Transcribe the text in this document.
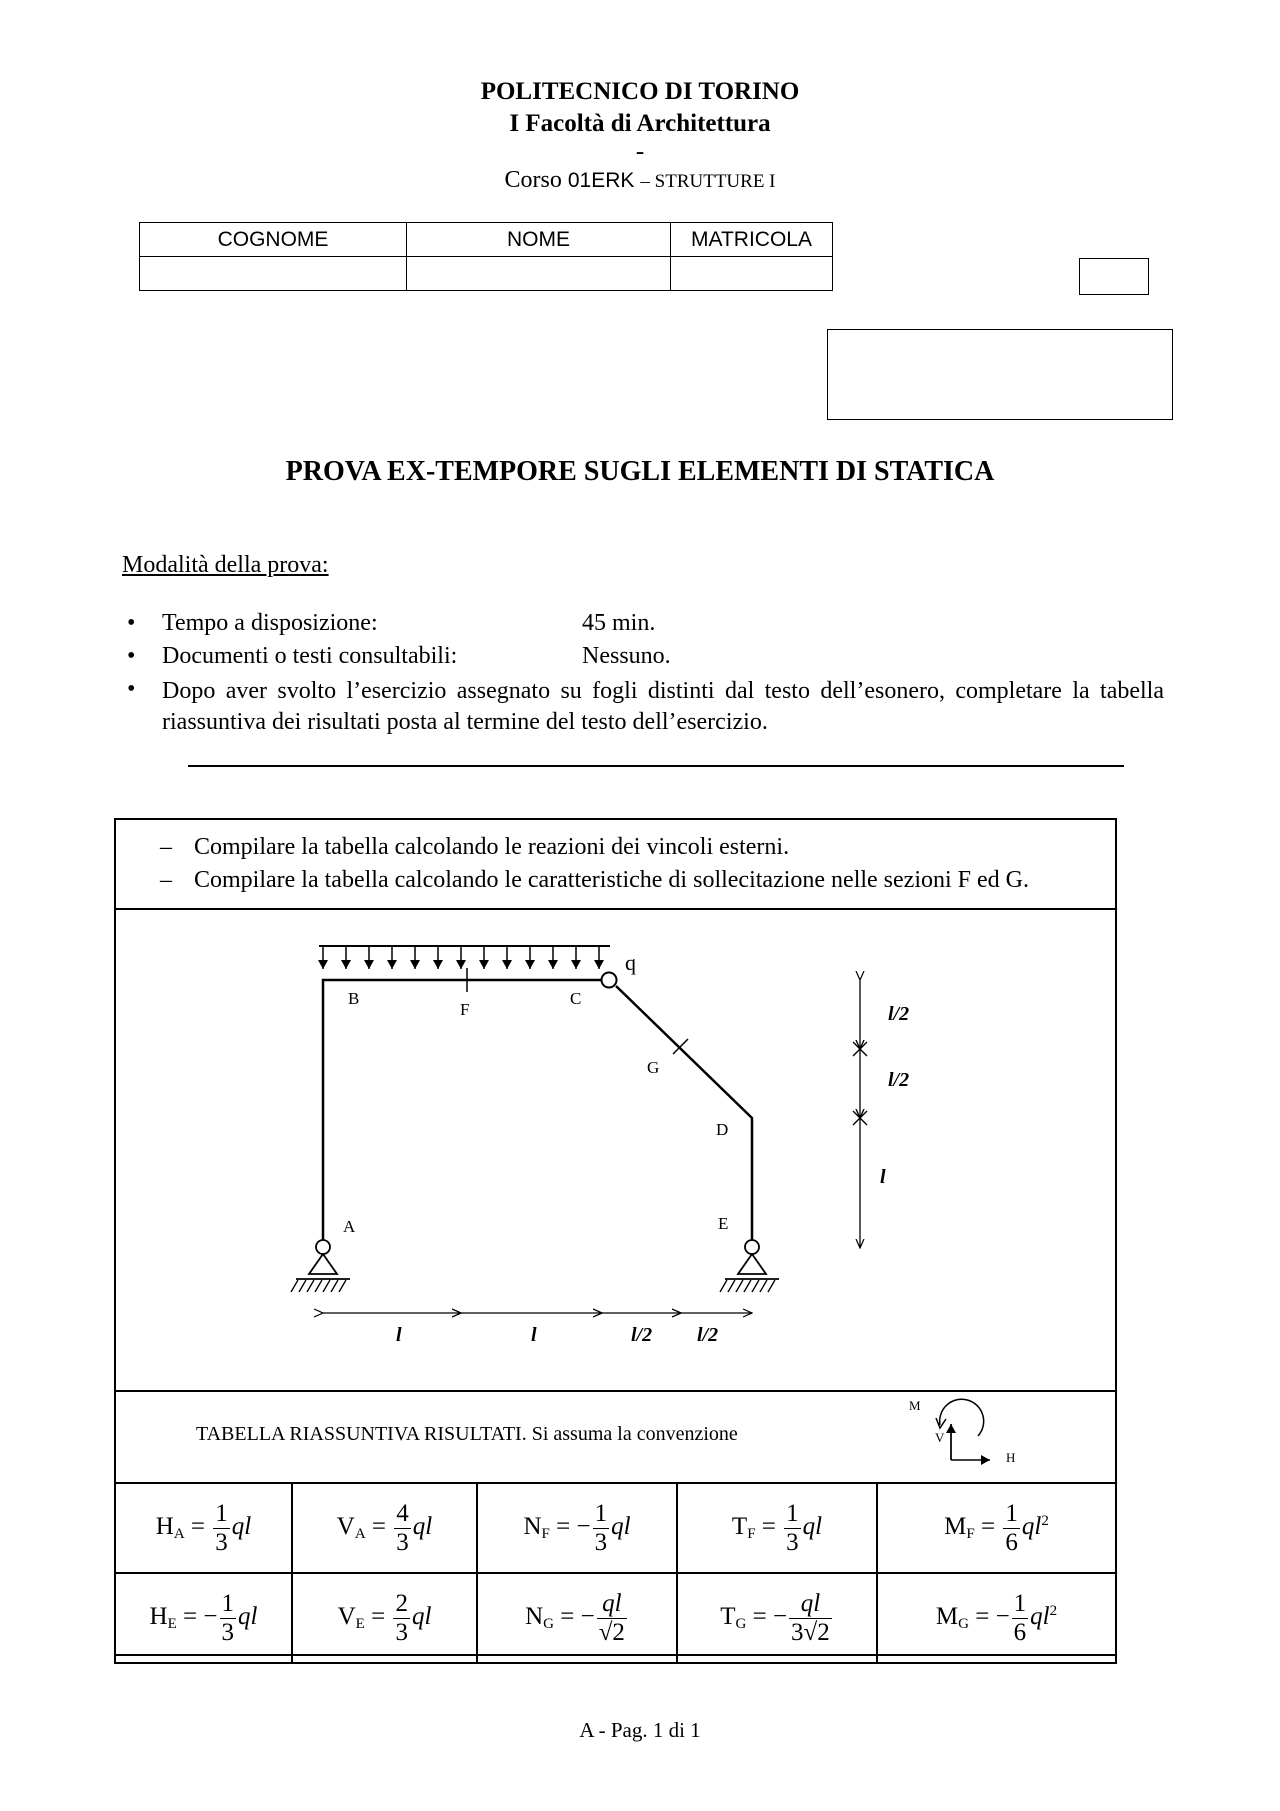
POLITECNICO DI TORINO
I Facoltà di Architettura
-
Corso 01ERK – STRUTTURE I
COGNOME	NOME	MATRICOLA

PROVA EX-TEMPORE SUGLI ELEMENTI DI STATICA
Modalità della prova:
• Tempo a disposizione:	45 min.
• Documenti o testi consultabili:	Nessuno.
• Dopo aver svolto l’esercizio assegnato su fogli distinti dal testo dell’esonero, completare la tabella riassuntiva dei risultati posta al termine del testo dell’esercizio.
– Compilare la tabella calcolando le reazioni dei vincoli esterni.
– Compilare la tabella calcolando le caratteristiche di sollecitazione nelle sezioni F ed G.
q
B
F
C
G
D
A	E
l	l	l/2 l/2
l/2
l/2
l
M
V
H
TABELLA RIASSUNTIVA RISULTATI. Si assuma la convenzione
$H_A = \frac{1}{3}$ ql	$V_A = \frac{4}{3}$ ql	$N_F$ = − $\frac{1}{3}$ ql	$T_F = \frac{1}{3}$ ql	$M_F = \frac{1}{6} ql^2$
$H_E$ = − $\frac{1}{3}$ ql	$V_E = \frac{2}{3}$ ql	$N_G$ = − $\frac{ql}{√2}$	$T_G$ = − $\frac{ql}{3√2}$	$M_G$ = − $\frac{1}{6} ql^2$
A - Pag. 1 di 1
